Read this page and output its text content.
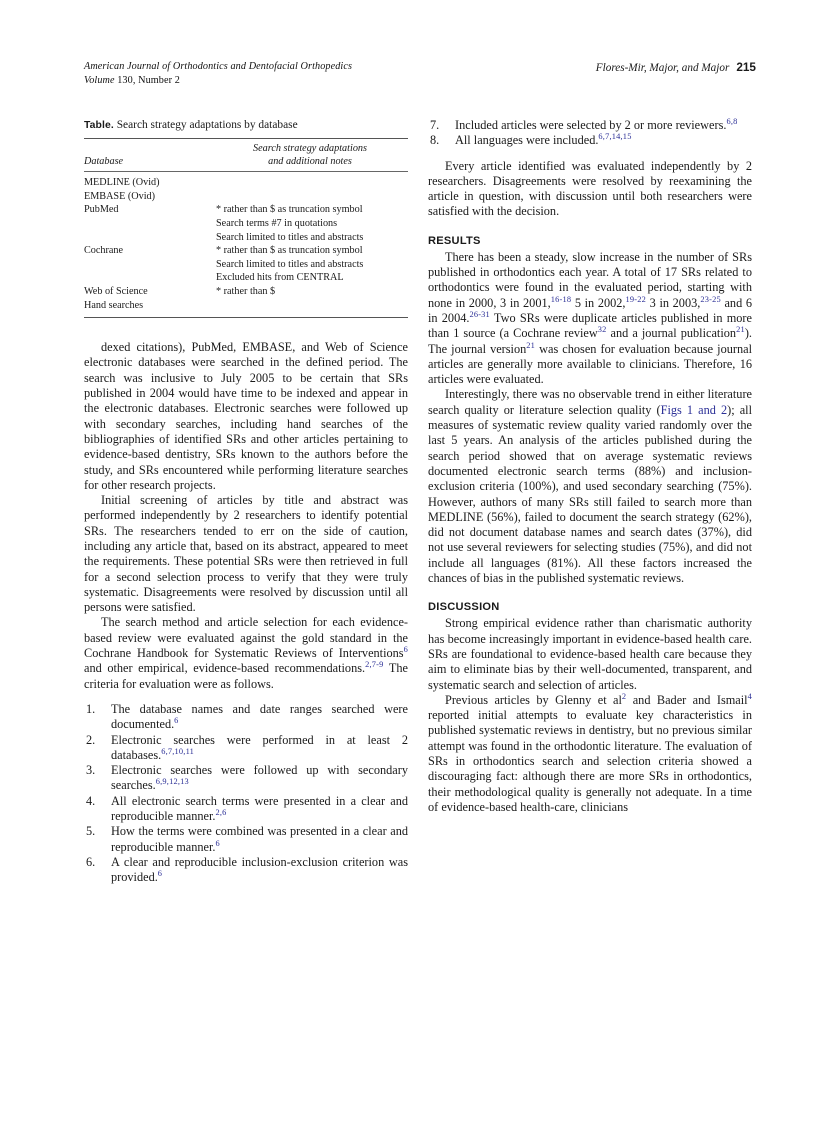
American Journal of Orthodontics and Dentofacial Orthopedics
Volume 130, Number 2
Flores-Mir, Major, and Major 215
Table. Search strategy adaptations by database
Database	
Search strategy adaptations
and additional notes
MEDLINE (Ovid)	
EMBASE (Ovid)	
PubMed	* rather than $ as truncation symbol
	Search terms #7 in quotations
	Search limited to titles and abstracts
Cochrane	* rather than $ as truncation symbol
	Search limited to titles and abstracts
	Excluded hits from CENTRAL
Web of Science	* rather than $
Hand searches	

dexed citations), PubMed, EMBASE, and Web of Science electronic databases were searched in the defined period. The search was inclusive to July 2005 to be certain that SRs published in 2004 would have time to be indexed and appear in the electronic databases. Electronic searches were followed up with secondary searches, including hand searches of the bibliographies of identified SRs and other articles pertaining to evidence-based dentistry, SRs known to the authors before the study, and SRs encountered while performing literature searches for other research projects.

Initial screening of articles by title and abstract was performed independently by 2 researchers to identify potential SRs. The researchers tended to err on the side of caution, including any article that, based on its abstract, appeared to meet the requirements. These potential SRs were then retrieved in full for a second selection process to verify that they were truly systematic. Disagreements were resolved by discussion until all persons were satisfied.

The search method and article selection for each evidence-based review were evaluated against the gold standard in the Cochrane Handbook for Systematic Reviews of Interventions$^6$ and other empirical, evidence-based recommendations.$^{2,7-9}$ The criteria for evaluation were as follows.

1.	The database names and date ranges searched were documented.$^6$
2.	Electronic searches were performed in at least 2 databases.$^{6,7,10,11}$
3.	Electronic searches were followed up with secondary searches.$^{6,9,12,13}$
4.	All electronic search terms were presented in a clear and reproducible manner.$^{2,6}$
5.	How the terms were combined was presented in a clear and reproducible manner.$^6$
6.	A clear and reproducible inclusion-exclusion criterion was provided.$^6$
7.	Included articles were selected by 2 or more reviewers.$^{6,8}$
8.	All languages were included.$^{6,7,14,15}$

Every article identified was evaluated independently by 2 researchers. Disagreements were resolved by reexamining the article in question, with discussion until both researchers were satisfied with the decision.

RESULTS

There has been a steady, slow increase in the number of SRs published in orthodontics each year. A total of 17 SRs related to orthodontics were found in the evaluated period, starting with none in 2000, 3 in 2001,$^{16-18}$ 5 in 2002,$^{19-22}$ 3 in 2003,$^{23-25}$ and 6 in 2004.$^{26-31}$ Two SRs were duplicate articles published in more than 1 source (a Cochrane review$^{32}$ and a journal publication$^{21}$). The journal version$^{21}$ was chosen for evaluation because journal articles are generally more available to clinicians. Therefore, 16 articles were evaluated.

Interestingly, there was no observable trend in either literature search quality or literature selection quality (Figs 1 and 2); all measures of systematic review quality varied randomly over the last 5 years. An analysis of the articles published during the search period showed that on average systematic reviews documented electronic search terms (88%) and inclusion-exclusion criteria (100%), and used secondary searching (75%). However, authors of many SRs still failed to search more than MEDLINE (56%), failed to document the search strategy (62%), did not document database names and search dates (37%), did not use several reviewers for selecting studies (75%), and did not include all languages (81%). All these factors increased the chances of bias in the published systematic reviews.

DISCUSSION

Strong empirical evidence rather than charismatic authority has become increasingly important in evidence-based health care. SRs are foundational to evidence-based health care because they aim to eliminate bias by their well-documented, transparent, and systematic search and selection of articles.

Previous articles by Glenny et al$^2$ and Bader and Ismail$^4$ reported initial attempts to evaluate key characteristics in published systematic reviews in dentistry, but no previous similar attempt was found in the orthodontic literature. The evaluation of SRs in orthodontics search and selection criteria showed a discouraging fact: although there are more SRs in orthodontics, their methodological quality is generally not adequate. In a time of evidence-based health-care, clinicians
